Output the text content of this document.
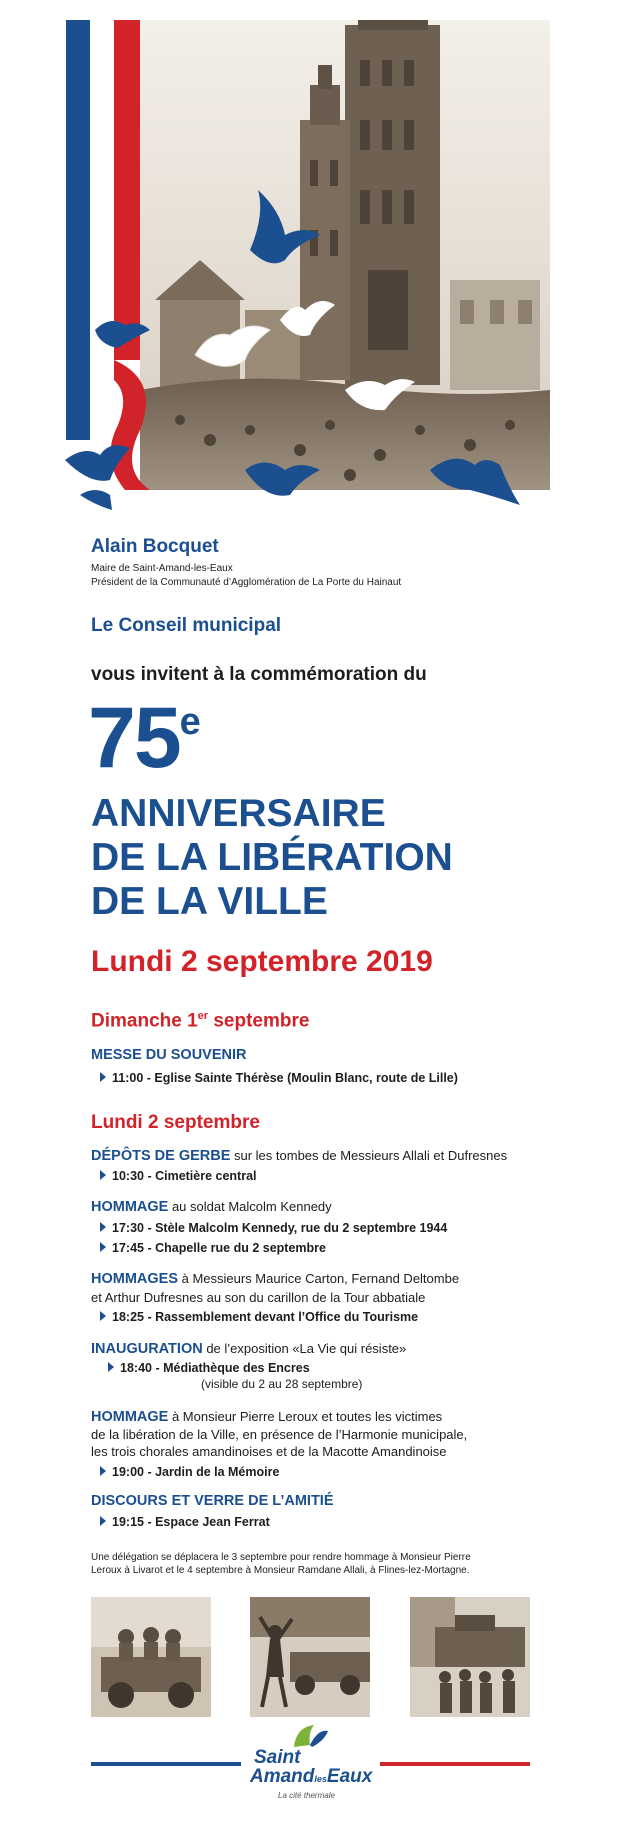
Alain Bocquet
Maire de Saint-Amand-les-Eaux
Président de la Communauté d’Agglomération de La Porte du Hainaut
Le Conseil municipal
vous invitent à la commémoration du
75e
ANNIVERSAIRE
DE LA LIBÉRATION
DE LA VILLE
Lundi 2 septembre 2019
Dimanche 1er septembre
MESSE DU SOUVENIR
11:00 - Eglise Sainte Thérèse (Moulin Blanc, route de Lille)
Lundi 2 septembre
DÉPÔTS DE GERBE sur les tombes de Messieurs Allali et Dufresnes
10:30 - Cimetière central
HOMMAGE au soldat Malcolm Kennedy
17:30 - Stèle Malcolm Kennedy, rue du 2 septembre 1944
17:45 - Chapelle rue du 2 septembre
HOMMAGES à Messieurs Maurice Carton, Fernand Deltombe
et Arthur Dufresnes au son du carillon de la Tour abbatiale
18:25 - Rassemblement devant l’Office du Tourisme
INAUGURATION de l’exposition «La Vie qui résiste»
18:40 - Médiathèque des Encres
(visible du 2 au 28 septembre)
HOMMAGE à Monsieur Pierre Leroux et toutes les victimes
de la libération de la Ville, en présence de l’Harmonie municipale,
les trois chorales amandinoises et de la Macotte Amandinoise
19:00 - Jardin de la Mémoire
DISCOURS ET VERRE DE L’AMITIÉ
19:15 - Espace Jean Ferrat
Une délégation se déplacera le 3 septembre pour rendre hommage à Monsieur Pierre
Leroux à Livarot et le 4 septembre à Monsieur Ramdane Allali, à Flines-lez-Mortagne.
Saint
AmandlesEaux
La cité thermale
